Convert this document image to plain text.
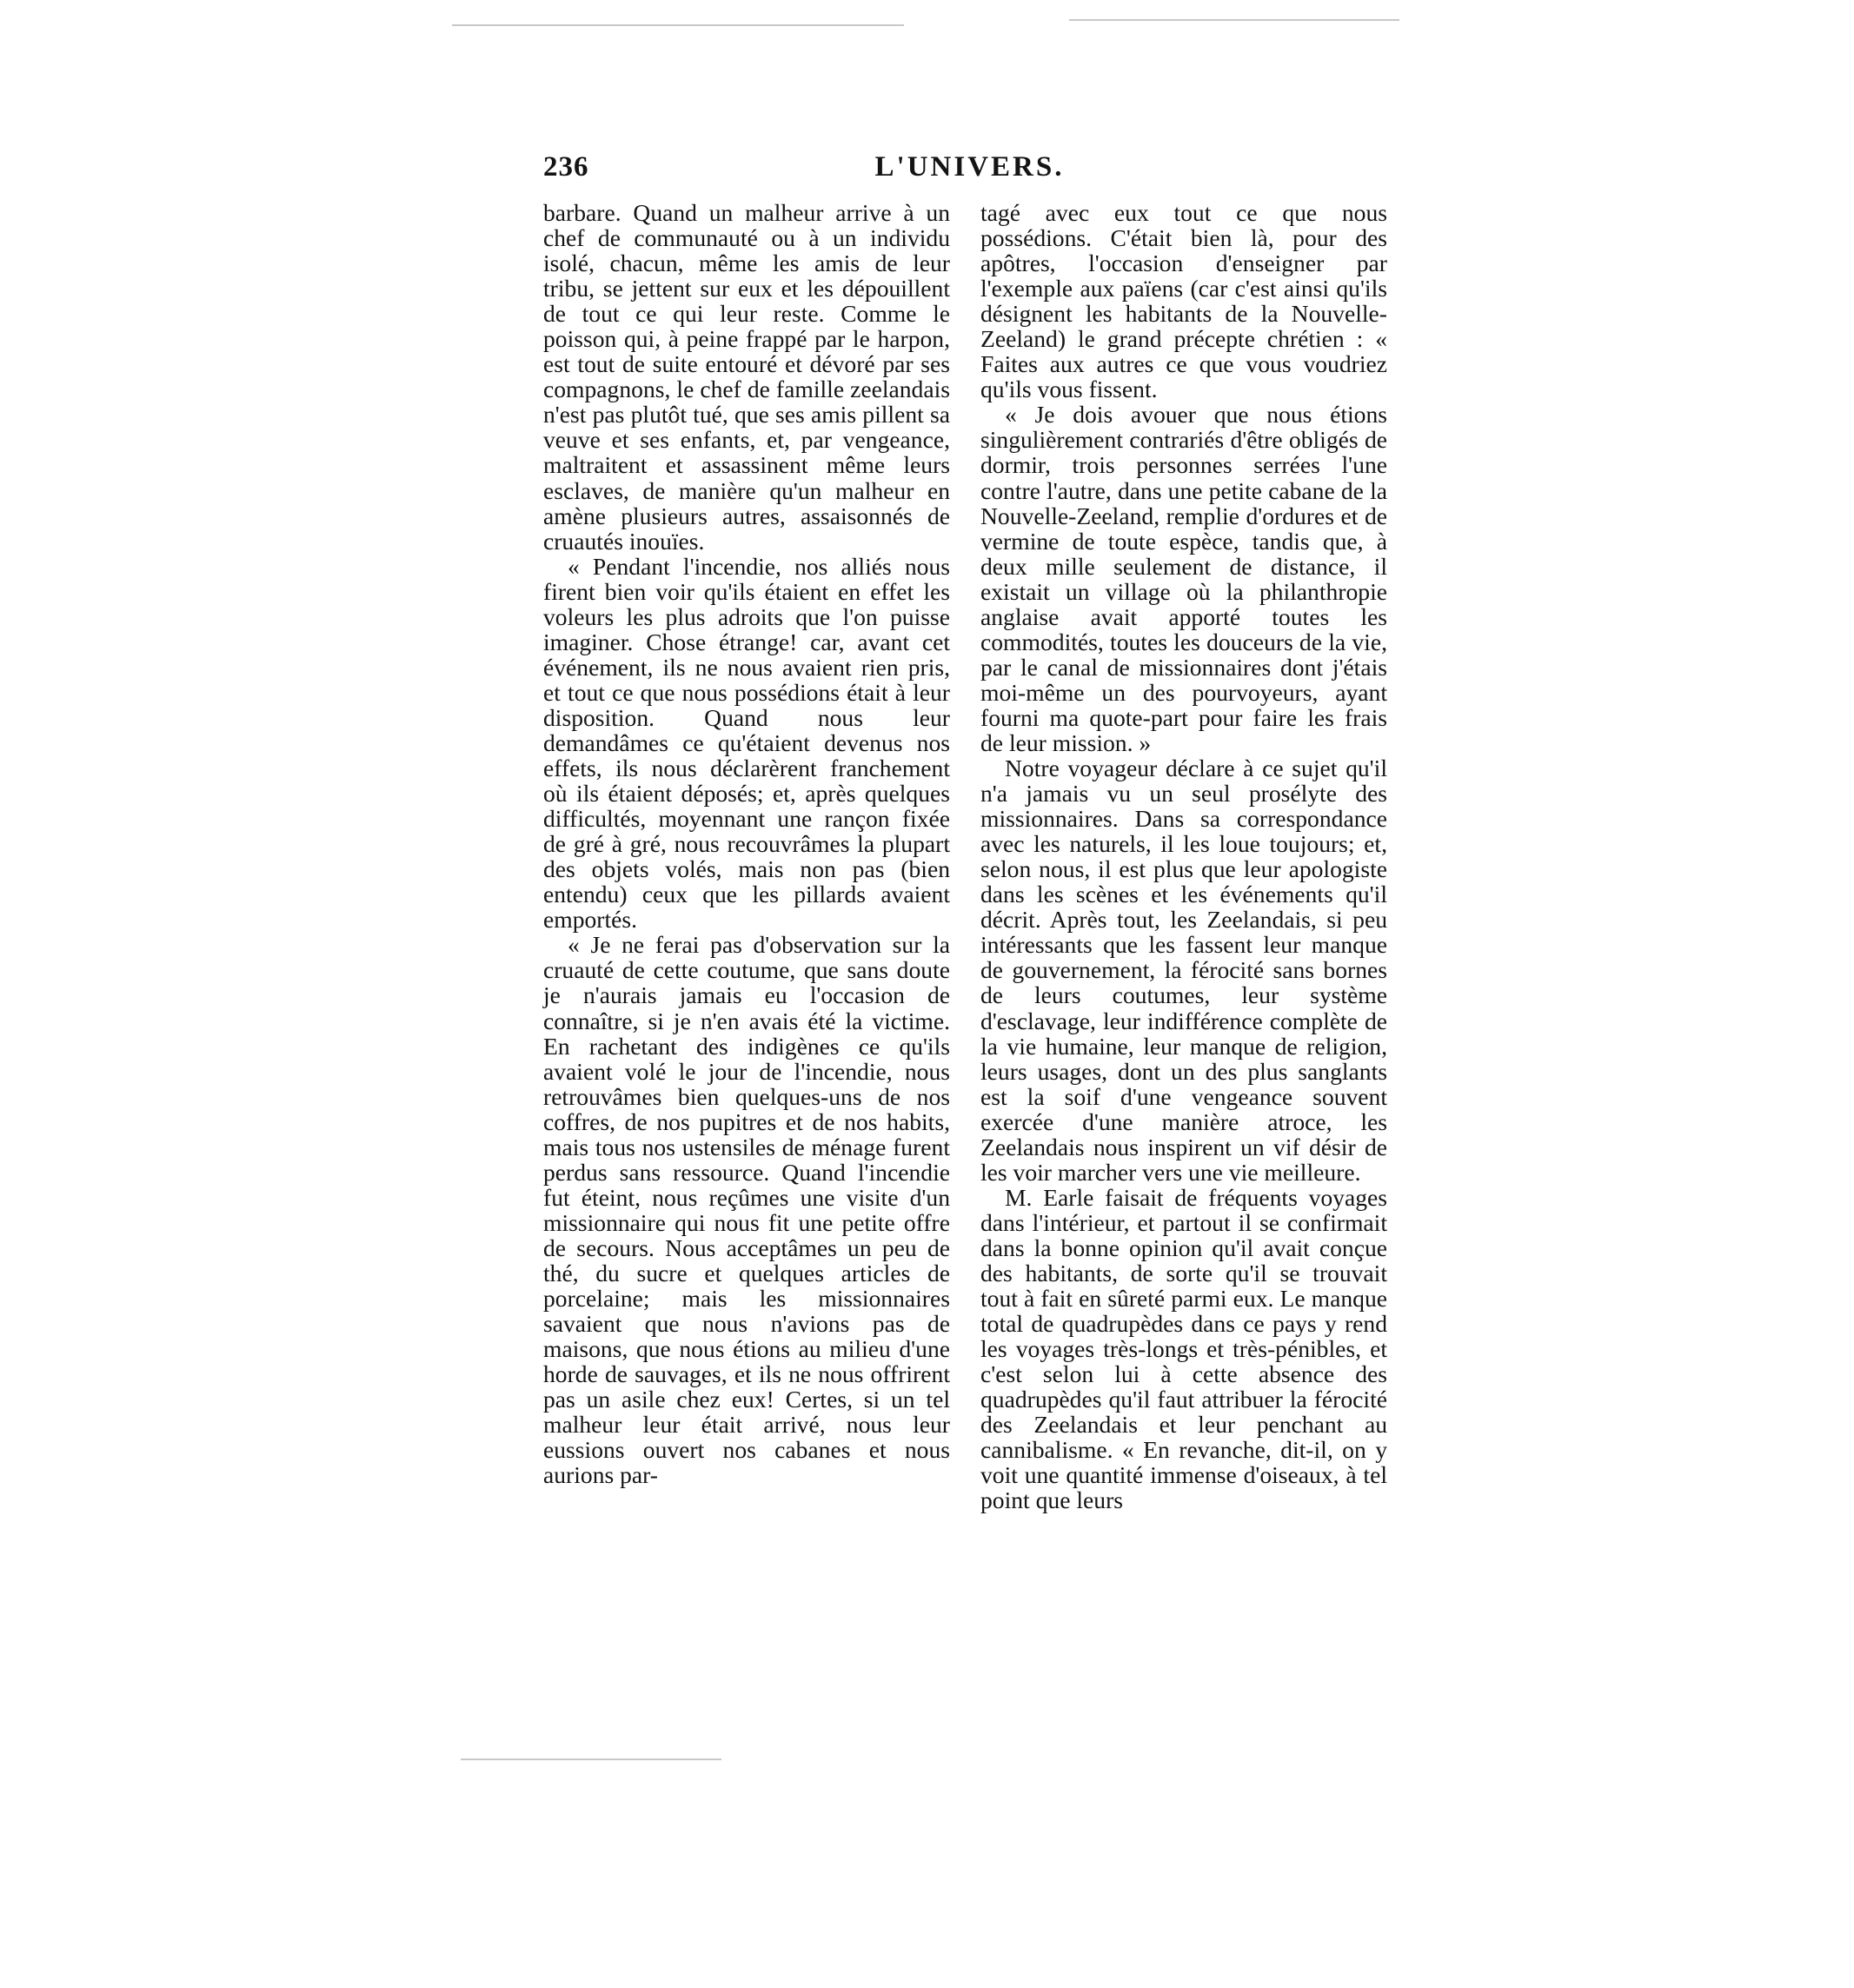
236	L'UNIVERS.

barbare. Quand un malheur arrive à un chef de communauté ou à un individu isolé, chacun, même les amis de leur tribu, se jettent sur eux et les dépouillent de tout ce qui leur reste. Comme le poisson qui, à peine frappé par le harpon, est tout de suite entouré et dévoré par ses compagnons, le chef de famille zeelandais n'est pas plutôt tué, que ses amis pillent sa veuve et ses enfants, et, par vengeance, maltraitent et assassinent même leurs esclaves, de manière qu'un malheur en amène plusieurs autres, assaisonnés de cruautés inouïes.

« Pendant l'incendie, nos alliés nous firent bien voir qu'ils étaient en effet les voleurs les plus adroits que l'on puisse imaginer. Chose étrange! car, avant cet événement, ils ne nous avaient rien pris, et tout ce que nous possédions était à leur disposition. Quand nous leur demandâmes ce qu'étaient devenus nos effets, ils nous déclarèrent franchement où ils étaient déposés; et, après quelques difficultés, moyennant une rançon fixée de gré à gré, nous recouvrâmes la plupart des objets volés, mais non pas (bien entendu) ceux que les pillards avaient emportés.

« Je ne ferai pas d'observation sur la cruauté de cette coutume, que sans doute je n'aurais jamais eu l'occasion de connaître, si je n'en avais été la victime. En rachetant des indigènes ce qu'ils avaient volé le jour de l'incendie, nous retrouvâmes bien quelques-uns de nos coffres, de nos pupitres et de nos habits, mais tous nos ustensiles de ménage furent perdus sans ressource. Quand l'incendie fut éteint, nous reçûmes une visite d'un missionnaire qui nous fit une petite offre de secours. Nous acceptâmes un peu de thé, du sucre et quelques articles de porcelaine; mais les missionnaires savaient que nous n'avions pas de maisons, que nous étions au milieu d'une horde de sauvages, et ils ne nous offrirent pas un asile chez eux! Certes, si un tel malheur leur était arrivé, nous leur eussions ouvert nos cabanes et nous aurions par-

tagé avec eux tout ce que nous possédions. C'était bien là, pour des apôtres, l'occasion d'enseigner par l'exemple aux païens (car c'est ainsi qu'ils désignent les habitants de la Nouvelle-Zeeland) le grand précepte chrétien : « Faites aux autres ce que vous voudriez qu'ils vous fissent.

« Je dois avouer que nous étions singulièrement contrariés d'être obligés de dormir, trois personnes serrées l'une contre l'autre, dans une petite cabane de la Nouvelle-Zeeland, remplie d'ordures et de vermine de toute espèce, tandis que, à deux mille seulement de distance, il existait un village où la philanthropie anglaise avait apporté toutes les commodités, toutes les douceurs de la vie, par le canal de missionnaires dont j'étais moi-même un des pourvoyeurs, ayant fourni ma quote-part pour faire les frais de leur mission. »

Notre voyageur déclare à ce sujet qu'il n'a jamais vu un seul prosélyte des missionnaires. Dans sa correspondance avec les naturels, il les loue toujours; et, selon nous, il est plus que leur apologiste dans les scènes et les événements qu'il décrit. Après tout, les Zeelandais, si peu intéressants que les fassent leur manque de gouvernement, la férocité sans bornes de leurs coutumes, leur système d'esclavage, leur indifférence complète de la vie humaine, leur manque de religion, leurs usages, dont un des plus sanglants est la soif d'une vengeance souvent exercée d'une manière atroce, les Zeelandais nous inspirent un vif désir de les voir marcher vers une vie meilleure.

M. Earle faisait de fréquents voyages dans l'intérieur, et partout il se confirmait dans la bonne opinion qu'il avait conçue des habitants, de sorte qu'il se trouvait tout à fait en sûreté parmi eux. Le manque total de quadrupèdes dans ce pays y rend les voyages très-longs et très-pénibles, et c'est selon lui à cette absence des quadrupèdes qu'il faut attribuer la férocité des Zeelandais et leur penchant au cannibalisme. « En revanche, dit-il, on y voit une quantité immense d'oiseaux, à tel point que leurs
